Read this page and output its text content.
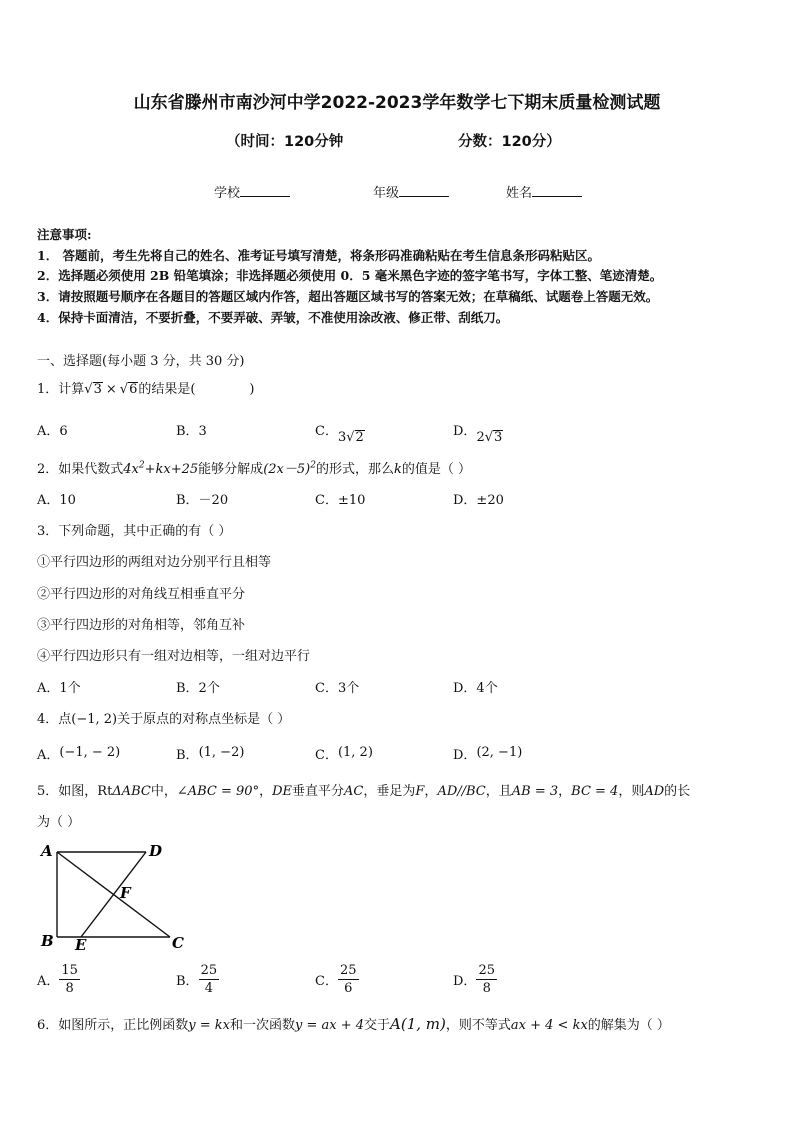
山东省滕州市南沙河中学2022-2023学年数学七下期末质量检测试题
（时间：120分钟	分数：120分）
学校	年级	姓名
注意事项:
1． 答题前，考生先将自己的姓名、准考证号填写清楚，将条形码准确粘贴在考生信息条形码粘贴区。
2．选择题必须使用 2B 铅笔填涂；非选择题必须使用 0．5 毫米黑色字迹的签字笔书写，字体工整、笔迹清楚。
3．请按照题号顺序在各题目的答题区域内作答，超出答题区域书写的答案无效；在草稿纸、试题卷上答题无效。
4．保持卡面清洁，不要折叠，不要弄破、弄皱，不准使用涂改液、修正带、刮纸刀。
一、选择题(每小题 3 分，共 30 分)
1．计算√3 × √6的结果是(	)
A．6	B．3	C．3√2	D．2√3
2．如果代数式$4x^2+kx+25$能够分解成$(2x-5)^2$的形式，那么k的值是（ ）
A．10	B．－20	C．±10	D．±20
3．下列命题，其中正确的有（ ）
①平行四边形的两组对边分别平行且相等
②平行四边形的对角线互相垂直平分
③平行四边形的对角相等，邻角互补
④平行四边形只有一组对边相等，一组对边平行
A．1个	B．2个	C．3个	D．4个
4．点(−1, 2)关于原点的对称点坐标是（ ）
A．(−1, − 2)	B．(1, −2)	C．(1, 2)	D．(2, −1)
5．如图，RtΔABC中，∠ABC = 90°，DE垂直平分AC，垂足为F，AD//BC，且AB = 3，BC = 4，则AD的长
为（ ）
A	D
F
B E	C
A． $\frac{15}{8}$	B． $\frac{25}{4}$	C． $\frac{25}{6}$	D． $\frac{25}{8}$
6．如图所示，正比例函数y = kx和一次函数y = ax + 4交于A(1, m)，则不等式ax + 4 < kx的解集为（ ）
